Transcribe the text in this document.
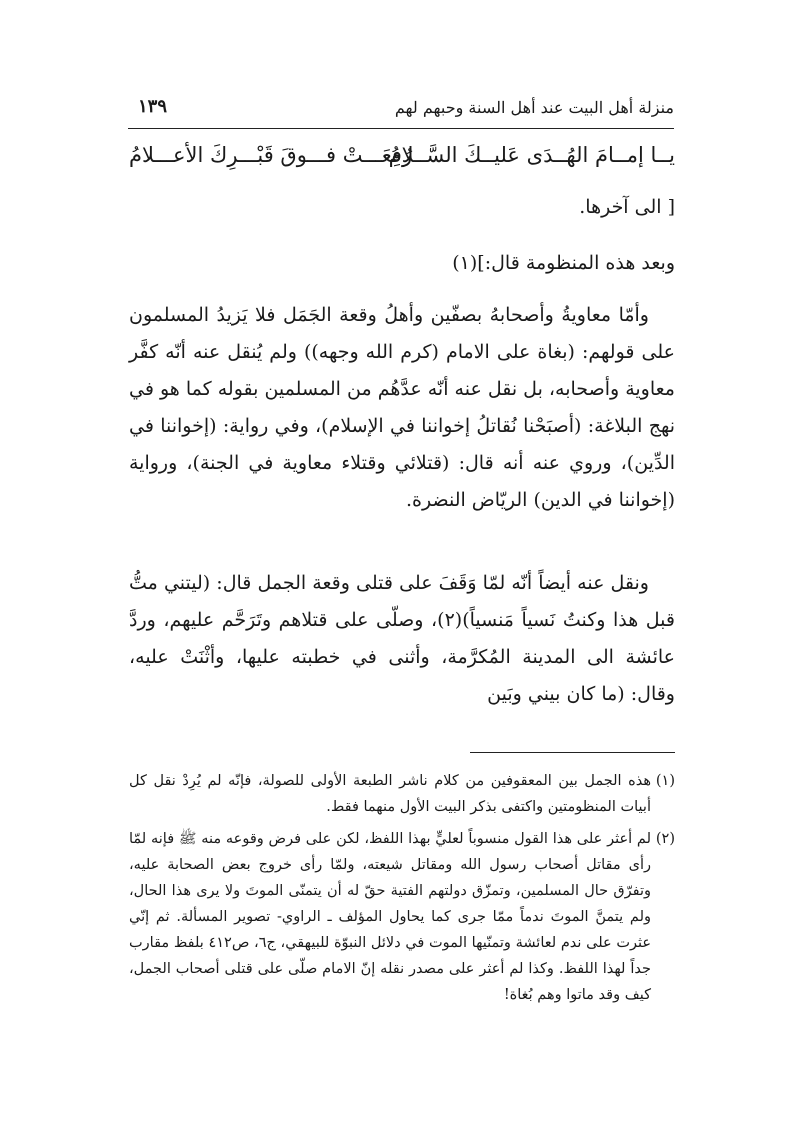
منزلة أهل البيت عند أهل السنة وحبهم لهم
١٣٩
يــا إمــامَ الهُــدَى عَليــكَ السَّــلامُ
رُفِعَـــتْ فـــوقَ قَبْـــرِكَ الأعـــلامُ
[ الى آخرها.
وبعد هذه المنظومة قال:](١)

وأمّا معاويةُ وأصحابهُ بصفّين وأهلُ وقعة الجَمَل فلا يَزيدُ المسلمون على قولهم: (بغاة على الامام (كرم الله وجهه)) ولم يُنقل عنه أنّه كفَّر معاوية وأصحابه، بل نقل عنه أنّه عدَّهُم من المسلمين بقوله كما هو في نهج البلاغة: (أصبَحْنا نُقاتلُ إخواننا في الإسلام)، وفي رواية: (إخواننا في الدِّين)، وروي عنه أنه قال: (قتلائي وقتلاء معاوية في الجنة)، ورواية (إخواننا في الدين) الريّاض النضرة.

ونقل عنه أيضاً أنّه لمّا وَقَفَ على قتلى وقعة الجمل قال: (ليتني متُّ قبل هذا وكنتُ نَسياً مَنسياً)(٢)، وصلّى على قتلاهم وتَرَحَّم عليهم، وردَّ عائشة الى المدينة المُكرَّمة، وأثنى في خطبته عليها، وأثْنَتْ عليه، وقال: (ما كان بيني وبَين

(١)
هذه الجمل بين المعقوفين من كلام ناشر الطبعة الأولى للصولة، فإنّه لم يُرِدْ نقل كل أبيات المنظومتين واكتفى بذكر البيت الأول منهما فقط.
(٢)
لم أعثر على هذا القول منسوباً لعليٍّ بهذا اللفظ، لكن على فرض وقوعه منه ﷺ فإنه لمّا رأى مقاتل أصحاب رسول الله ومقاتل شيعته، ولمّا رأى خروج بعض الصحابة عليه، وتفرّق حال المسلمين، وتمزّق دولتهم الفتية حقّ له أن يتمنّى الموتَ ولا يرى هذا الحال، ولم يتمنَّ الموتَ ندماً ممّا جرى كما يحاول المؤلف ـ الراوي- تصوير المسألة. ثم إنّي عثرت على ندم لعائشة وتمنّيها الموت في دلائل النبوّة للبيهقي، ج٦، ص٤١٢ بلفظ مقارب جداً لهذا اللفظ. وكذا لم أعثر على مصدر نقله إنّ الامام صلّى على قتلى أصحاب الجمل، كيف وقد ماتوا وهم بُغاة!
